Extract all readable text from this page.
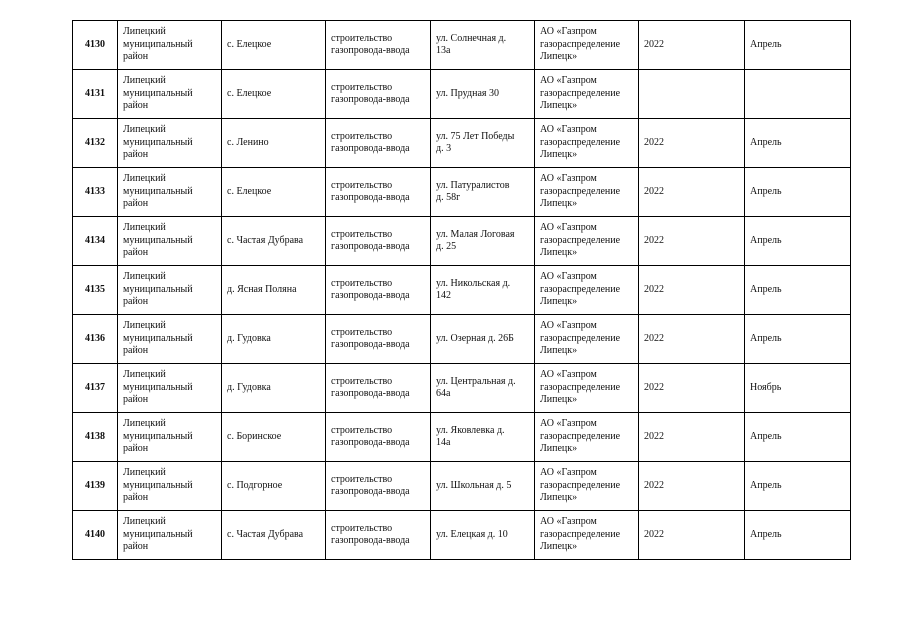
4130	Липецкий
муниципальный
район	с. Елецкое	строительство
газопровода-ввода	ул. Солнечная д.
13а	АО «Газпром
газораспределение
Липецк»	2022	Апрель
4131	Липецкий
муниципальный
район	с. Елецкое	строительство
газопровода-ввода	ул. Прудная 30	АО «Газпром
газораспределение
Липецк»		
4132	Липецкий
муниципальный
район	с. Ленино	строительство
газопровода-ввода	ул. 75 Лет Победы
д. 3	АО «Газпром
газораспределение
Липецк»	2022	Апрель
4133	Липецкий
муниципальный
район	с. Елецкое	строительство
газопровода-ввода	ул. Патуралистов
д. 58г	АО «Газпром
газораспределение
Липецк»	2022	Апрель
4134	Липецкий
муниципальный
район	с. Частая Дубрава	строительство
газопровода-ввода	ул. Малая Логовая
д. 25	АО «Газпром
газораспределение
Липецк»	2022	Апрель
4135	Липецкий
муниципальный
район	д. Ясная Поляна	строительство
газопровода-ввода	ул. Никольская д.
142	АО «Газпром
газораспределение
Липецк»	2022	Апрель
4136	Липецкий
муниципальный
район	д. Гудовка	строительство
газопровода-ввода	ул. Озерная д. 26Б	АО «Газпром
газораспределение
Липецк»	2022	Апрель
4137	Липецкий
муниципальный
район	д. Гудовка	строительство
газопровода-ввода	ул. Центральная д.
64а	АО «Газпром
газораспределение
Липецк»	2022	Ноябрь
4138	Липецкий
муниципальный
район	с. Боринское	строительство
газопровода-ввода	ул. Яковлевка д.
14а	АО «Газпром
газораспределение
Липецк»	2022	Апрель
4139	Липецкий
муниципальный
район	с. Подгорное	строительство
газопровода-ввода	ул. Школьная д. 5	АО «Газпром
газораспределение
Липецк»	2022	Апрель
4140	Липецкий
муниципальный
район	с. Частая Дубрава	строительство
газопровода-ввода	ул. Елецкая д. 10	АО «Газпром
газораспределение
Липецк»	2022	Апрель
